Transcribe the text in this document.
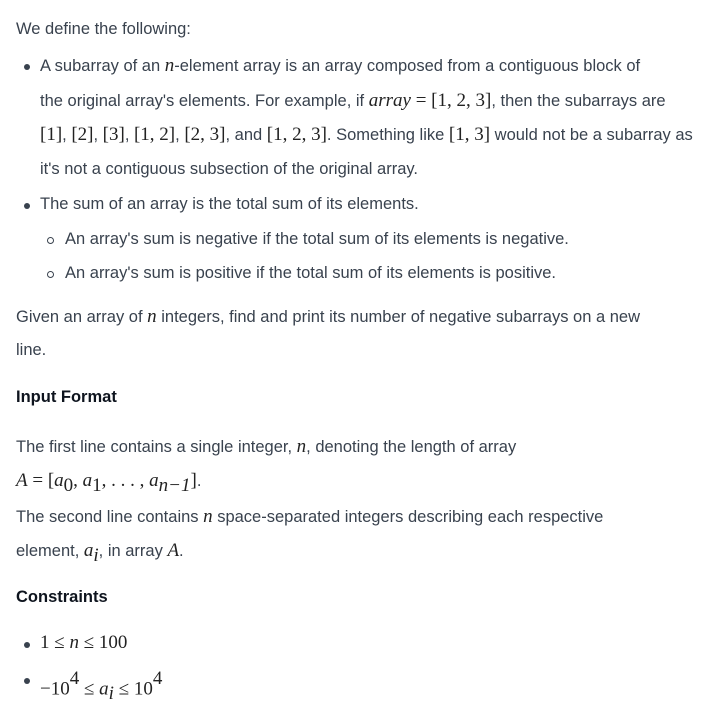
We define the following:
A subarray of an n-element array is an array composed from a contiguous block of
the original array's elements. For example, if array = [1, 2, 3], then the subarrays are
[1], [2], [3], [1, 2], [2, 3], and [1, 2, 3]. Something like [1, 3] would not be a subarray as
it's not a contiguous subsection of the original array.
The sum of an array is the total sum of its elements.
An array's sum is negative if the total sum of its elements is negative.
An array's sum is positive if the total sum of its elements is positive.
Given an array of n integers, find and print its number of negative subarrays on a new
line.
Input Format
The first line contains a single integer, n, denoting the length of array
$A = [a_0$, $a_1$, . . . , $a_{n-1}$].
The second line contains n space-separated integers describing each respective
element, $a_i$, in array A.
Constraints
1 ≤ n ≤ 100
$-10^4 \le a_i \le 10^4$
